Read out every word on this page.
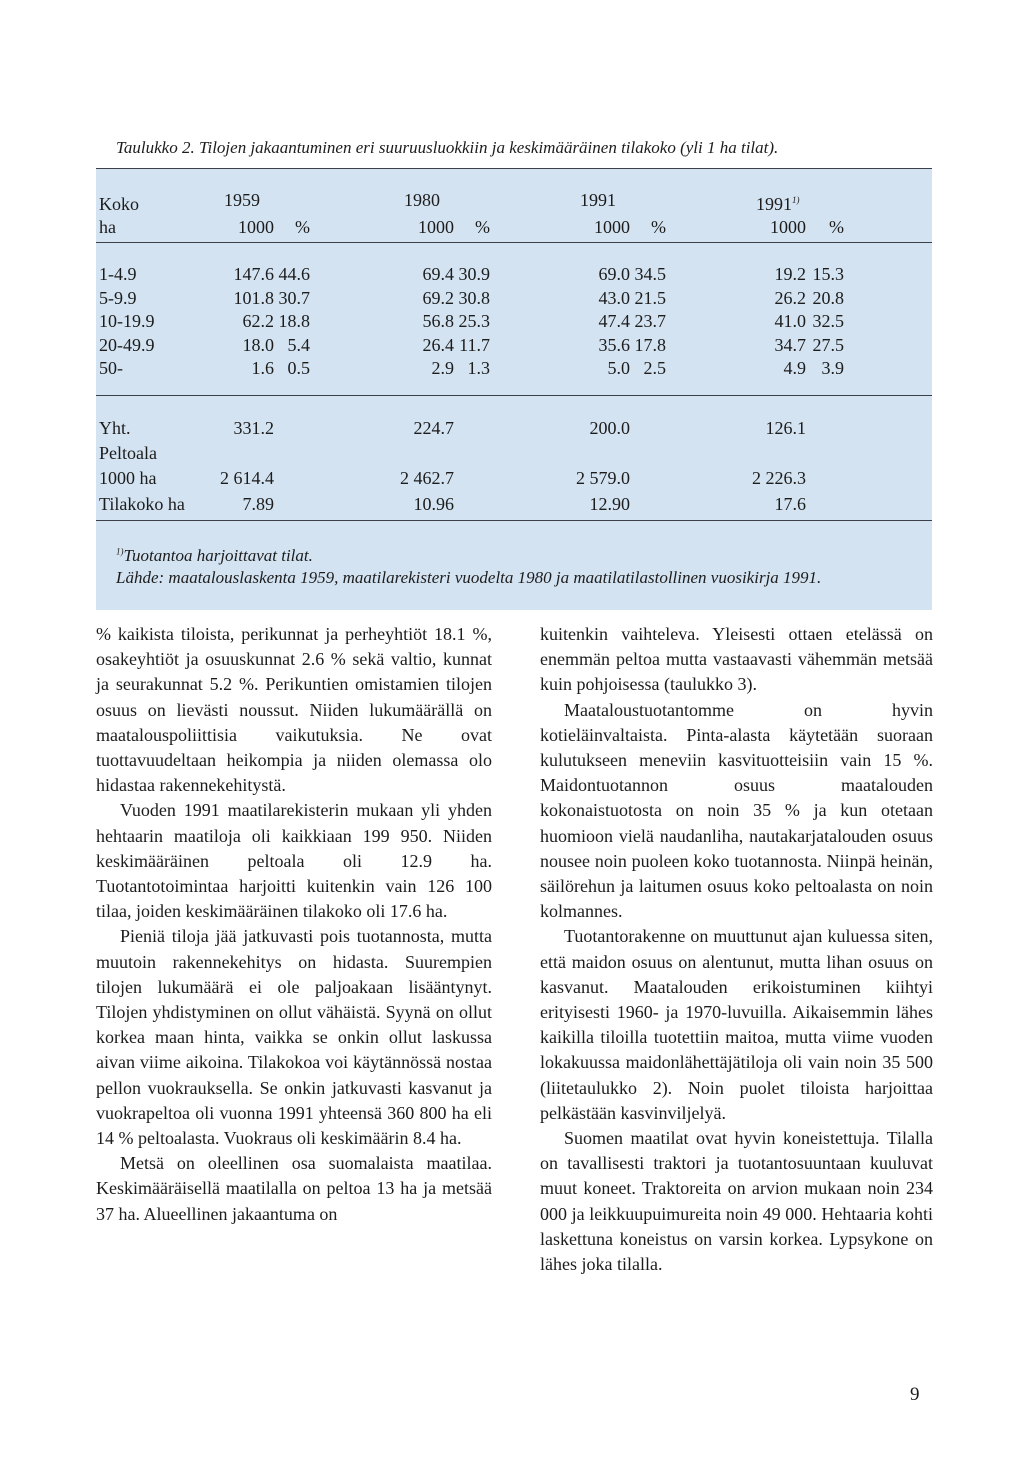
Taulukko 2. Tilojen jakaantuminen eri suuruusluokkiin ja keskimääräinen tilakoko (yli 1 ha tilat).
Koko	1959	1980	1991	1991$^{1)}$
ha	1000	%	1000	%	1000	%	1000	%
1-4.9	147.6 44.6	69.4 30.9	69.0 34.5	19.2 15.3
5-9.9	101.8 30.7	69.2 30.8	43.0 21.5	26.2 20.8
10-19.9	62.2 18.8	56.8 25.3	47.4 23.7	41.0 32.5
20-49.9	18.0 5.4	26.4 11.7	35.6 17.8	34.7 27.5
50-	1.6 0.5	2.9 1.3	5.0 2.5	4.9 3.9
Yht.	331.2	224.7	200.0	126.1
Peltoala
1000 ha	2 614.4	2 462.7	2 579.0	2 226.3
Tilakoko ha	7.89	10.96	12.90	17.6
$^{1)}$Tuotantoa harjoittavat tilat.
Lähde: maatalouslaskenta 1959, maatilarekisteri vuodelta 1980 ja maatilatilastollinen vuosikirja 1991.

% kaikista tiloista, perikunnat ja perheyhtiöt 18.1 %, osakeyhtiöt ja osuuskunnat 2.6 % sekä valtio, kunnat ja seurakunnat 5.2 %. Perikuntien omistamien tilojen osuus on lievästi noussut. Niiden lukumäärällä on maatalouspoliittisia vaikutuksia. Ne ovat tuottavuudeltaan heikompia ja niiden olemassa olo hidastaa rakennekehitystä.

Vuoden 1991 maatilarekisterin mukaan yli yhden hehtaarin maatiloja oli kaikkiaan 199 950. Niiden keskimääräinen peltoala oli 12.9 ha. Tuotantotoimintaa harjoitti kuitenkin vain 126 100 tilaa, joiden keskimääräinen tilakoko oli 17.6 ha.

Pieniä tiloja jää jatkuvasti pois tuotannosta, mutta muutoin rakennekehitys on hidasta. Suurempien tilojen lukumäärä ei ole paljoakaan lisääntynyt. Tilojen yhdistyminen on ollut vähäistä. Syynä on ollut korkea maan hinta, vaikka se onkin ollut laskussa aivan viime aikoina. Tilakokoa voi käytännössä nostaa pellon vuokrauksella. Se onkin jatkuvasti kasvanut ja vuokrapeltoa oli vuonna 1991 yhteensä 360 800 ha eli 14 % peltoalasta. Vuokraus oli keskimäärin 8.4 ha.

Metsä on oleellinen osa suomalaista maatilaa. Keskimääräisellä maatilalla on peltoa 13 ha ja metsää 37 ha. Alueellinen jakaantuma on

kuitenkin vaihteleva. Yleisesti ottaen etelässä on enemmän peltoa mutta vastaavasti vähemmän metsää kuin pohjoisessa (taulukko 3).

Maataloustuotantomme on hyvin kotieläinvaltaista. Pinta-alasta käytetään suoraan kulutukseen meneviin kasvituotteisiin vain 15 %. Maidontuotannon osuus maatalouden kokonaistuotosta on noin 35 % ja kun otetaan huomioon vielä naudanliha, nautakarjatalouden osuus nousee noin puoleen koko tuotannosta. Niinpä heinän, säilörehun ja laitumen osuus koko peltoalasta on noin kolmannes.

Tuotantorakenne on muuttunut ajan kuluessa siten, että maidon osuus on alentunut, mutta lihan osuus on kasvanut. Maatalouden erikoistuminen kiihtyi erityisesti 1960- ja 1970-luvuilla. Aikaisemmin lähes kaikilla tiloilla tuotettiin maitoa, mutta viime vuoden lokakuussa maidonlähettäjätiloja oli vain noin 35 500 (liitetaulukko 2). Noin puolet tiloista harjoittaa pelkästään kasvinviljelyä.

Suomen maatilat ovat hyvin koneistettuja. Tilalla on tavallisesti traktori ja tuotantosuuntaan kuuluvat muut koneet. Traktoreita on arvion mukaan noin 234 000 ja leikkuupuimureita noin 49 000. Hehtaaria kohti laskettuna koneistus on varsin korkea. Lypsykone on lähes joka tilalla.

9
